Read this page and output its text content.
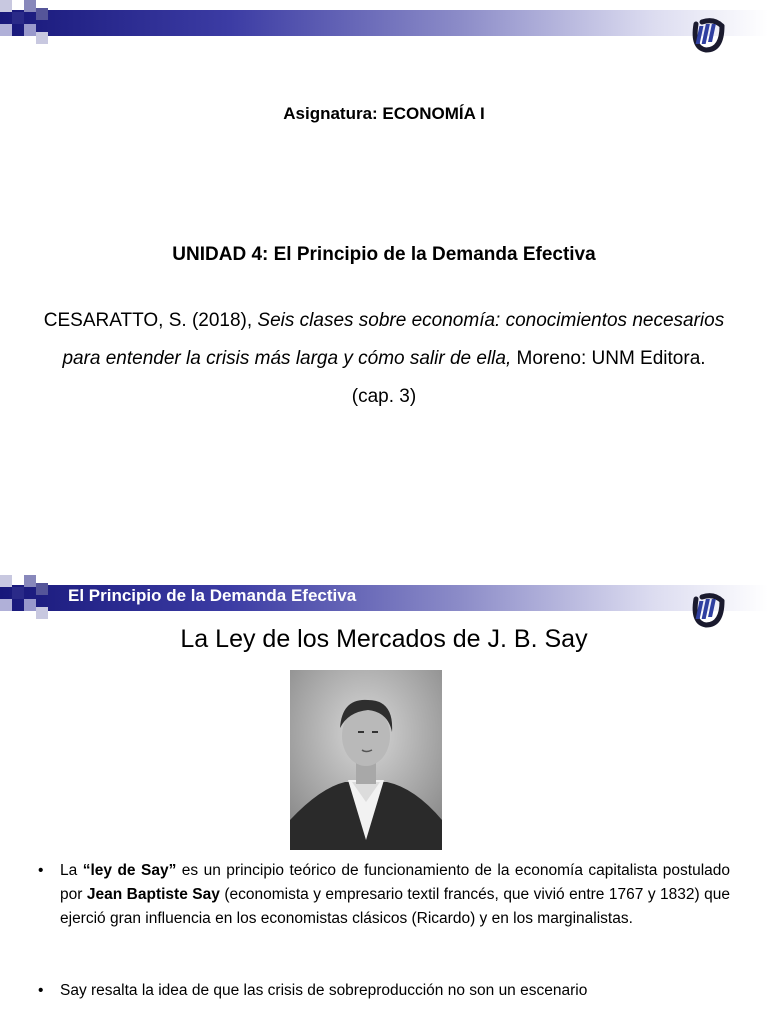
Asignatura: ECONOMÍA I
UNIDAD 4: El Principio de la Demanda Efectiva
CESARATTO, S. (2018), Seis clases sobre economía: conocimientos necesarios para entender la crisis más larga y cómo salir de ella, Moreno: UNM Editora. (cap. 3)
El Principio de la Demanda Efectiva
La Ley de los Mercados de J. B. Say
• La “ley de Say” es un principio teórico de funcionamiento de la economía capitalista postulado por Jean Baptiste Say (economista y empresario textil francés, que vivió entre 1767 y 1832) que ejerció gran influencia en los economistas clásicos (Ricardo) y en los marginalistas.
• Say resalta la idea de que las crisis de sobreproducción no son un escenario
